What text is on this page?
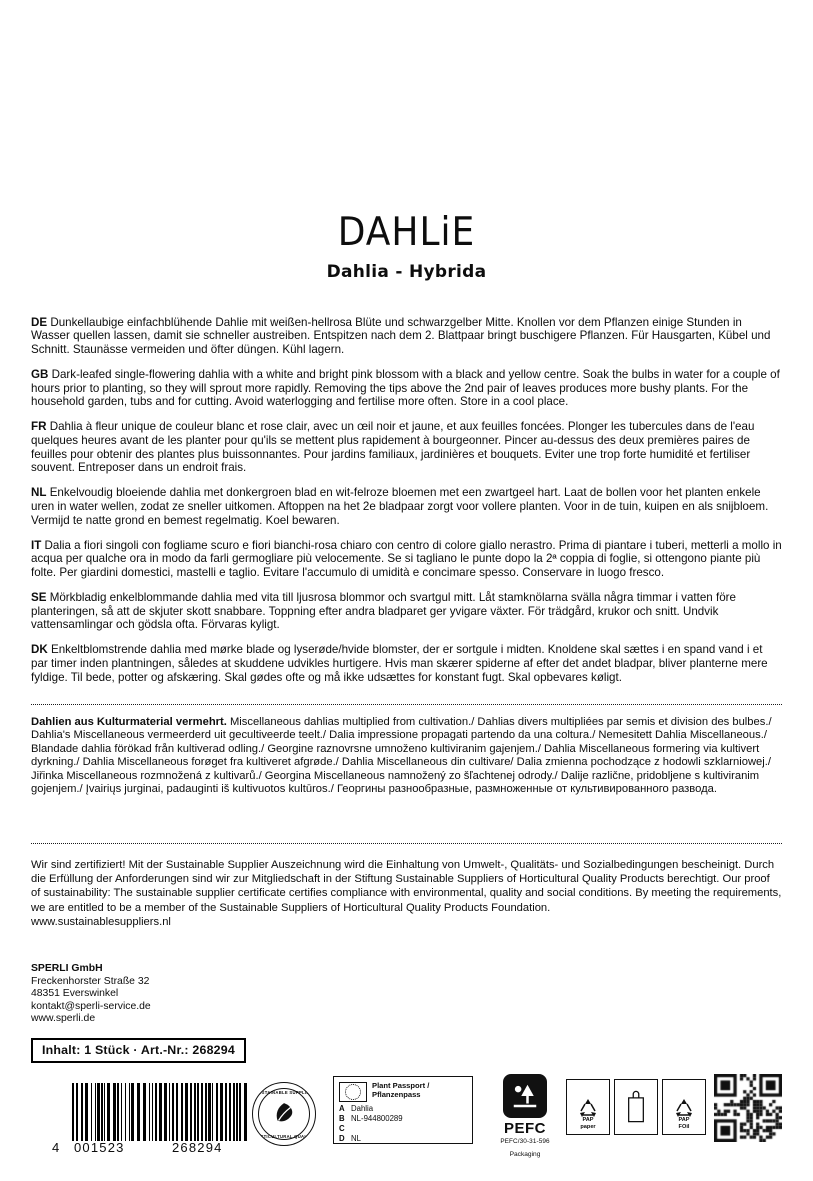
DAHLiE
Dahlia - Hybrida

DE Dunkellaubige einfachblühende Dahlie mit weißen-hellrosa Blüte und schwarzgelber Mitte. Knollen vor dem Pflanzen einige Stunden in Wasser quellen lassen, damit sie schneller austreiben. Entspitzen nach dem 2. Blattpaar bringt buschigere Pflanzen. Für Hausgarten, Kübel und Schnitt. Staunässe vermeiden und öfter düngen. Kühl lagern.

GB Dark-leafed single-flowering dahlia with a white and bright pink blossom with a black and yellow centre. Soak the bulbs in water for a couple of hours prior to planting, so they will sprout more rapidly. Removing the tips above the 2nd pair of leaves produces more bushy plants. For the household garden, tubs and for cutting. Avoid waterlogging and fertilise more often. Store in a cool place.

FR Dahlia à fleur unique de couleur blanc et rose clair, avec un œil noir et jaune, et aux feuilles foncées. Plonger les tubercules dans de l'eau quelques heures avant de les planter pour qu'ils se mettent plus rapidement à bourgeonner. Pincer au-dessus des deux premières paires de feuilles pour obtenir des plantes plus buissonnantes. Pour jardins familiaux, jardinières et bouquets. Eviter une trop forte humidité et fertiliser souvent. Entreposer dans un endroit frais.

NL Enkelvoudig bloeiende dahlia met donkergroen blad en wit-felroze bloemen met een zwartgeel hart. Laat de bollen voor het planten enkele uren in water wellen, zodat ze sneller uitkomen. Aftoppen na het 2e bladpaar zorgt voor vollere planten. Voor in de tuin, kuipen en als snijbloem. Vermijd te natte grond en bemest regelmatig. Koel bewaren.

IT Dalia a fiori singoli con fogliame scuro e fiori bianchi-rosa chiaro con centro di colore giallo nerastro. Prima di piantare i tuberi, metterli a mollo in acqua per qualche ora in modo da farli germogliare più velocemente. Se si tagliano le punte dopo la 2ª coppia di foglie, si ottengono piante più folte. Per giardini domestici, mastelli e taglio. Evitare l'accumulo di umidità e concimare spesso. Conservare in luogo fresco.

SE Mörkbladig enkelblommande dahlia med vita till ljusrosa blommor och svartgul mitt. Låt stamknölarna svälla några timmar i vatten före planteringen, så att de skjuter skott snabbare. Toppning efter andra bladparet ger yvigare växter. För trädgård, krukor och snitt. Undvik vattensamlingar och gödsla ofta. Förvaras kyligt.

DK Enkeltblomstrende dahlia med mørke blade og lyserøde/hvide blomster, der er sortgule i midten. Knoldene skal sættes i en spand vand i et par timer inden plantningen, således at skuddene udvikles hurtigere. Hvis man skærer spiderne af efter det andet bladpar, bliver planterne mere fyldige. Til bede, potter og afskæring. Skal gødes ofte og må ikke udsættes for konstant fugt. Skal opbevares køligt.

Dahlien aus Kulturmaterial vermehrt. Miscellaneous dahlias multiplied from cultivation./ Dahlias divers multipliées par semis et division des bulbes./ Dahlia's Miscellaneous vermeerderd uit gecultiveerde teelt./ Dalia impressione propagati partendo da una coltura./ Nemesitett Dahlia Miscellaneous./ Blandade dahlia förökad från kultiverad odling./ Georgine raznovrsne umnoženo kultiviranim gajenjem./ Dahlia Miscellaneous formering via kultivert dyrkning./ Dahlia Miscellaneous forøget fra kultiveret afgrøde./ Dahlia Miscellaneous din cultivare/ Dalia zmienna pochodzące z hodowli szklarniowej./ Jiřinka Miscellaneous rozmnožená z kultivarů./ Georgina Miscellaneous namnožený zo šľachtenej odrody./ Dalije različne, pridobljene s kultiviranim gojenjem./ Įvairiųs jurginai, padauginti iš kultivuotos kultūros./ Георгины разнообразные, размноженные от культивированного развода.

Wir sind zertifiziert! Mit der Sustainable Supplier Auszeichnung wird die Einhaltung von Umwelt-, Qualitäts- und Sozialbedingungen bescheinigt. Durch die Erfüllung der Anforderungen sind wir zur Mitgliedschaft in der Stiftung Sustainable Suppliers of Horticultural Quality Products berechtigt. Our proof of sustainability: The sustainable supplier certificate certifies compliance with environmental, quality and social conditions. By meeting the requirements, we are entitled to be a member of the Sustainable Suppliers of Horticultural Quality Products Foundation.

www.sustainablesuppliers.nl

SPERLI GmbH
Freckenhorster Straße 32
48351 Everswinkel
kontakt@sperli-service.de
www.sperli.de
Inhalt: 1 Stück · Art.-Nr.: 268294
4 001523	268294
SUSTAINABLE SUPPLIER
HORTICULTURAL QUALITY
Plant Passport / Pflanzenpass
A Dahlia
B NL-944800289
C
D NL
PEFC
PEFC/30-31-596
Packaging
PAP
paper
PAP
FOil
